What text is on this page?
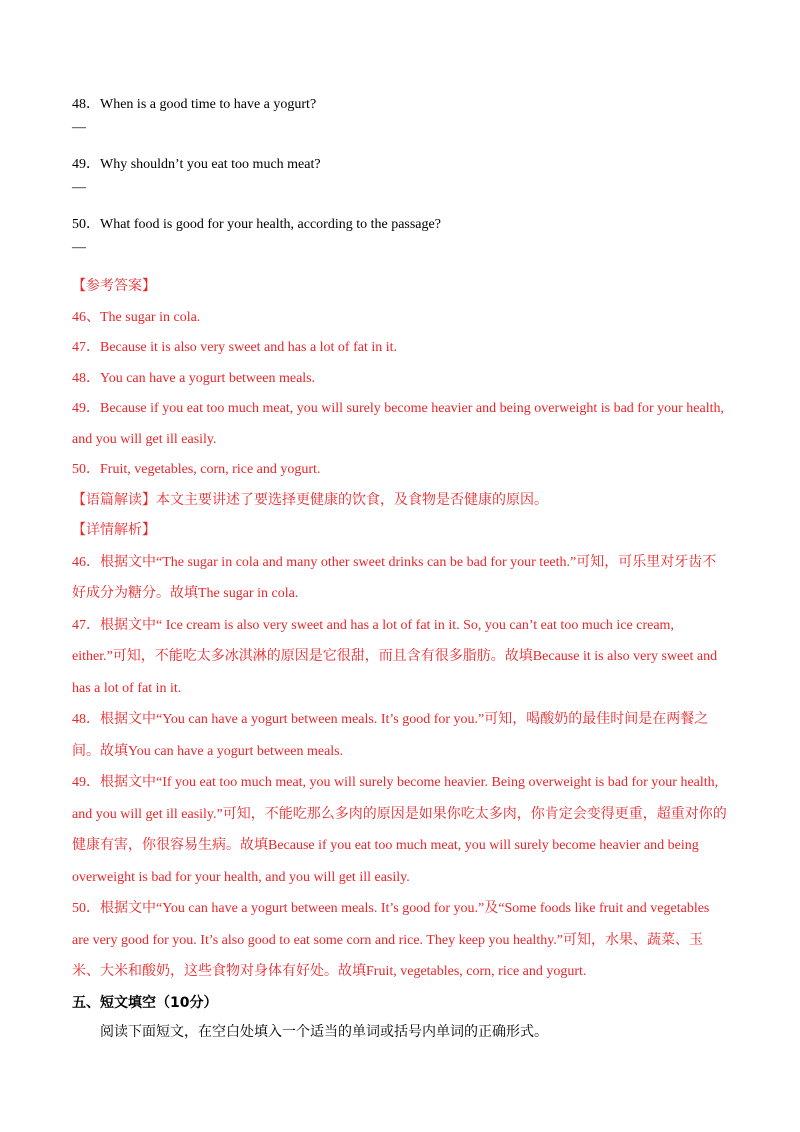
48．When is a good time to have a yogurt?

—

49．Why shouldn’t you eat too much meat?

—

50．What food is good for your health, according to the passage?

—

【参考答案】

46、The sugar in cola.

47．Because it is also very sweet and has a lot of fat in it.

48．You can have a yogurt between meals.

49．Because if you eat too much meat, you will surely become heavier and being overweight is bad for your health, and you will get ill easily.

50．Fruit, vegetables, corn, rice and yogurt.

【语篇解读】本文主要讲述了要选择更健康的饮食，及食物是否健康的原因。

【详情解析】

46．根据文中“The sugar in cola and many other sweet drinks can be bad for your teeth.”可知，可乐里对牙齿不好成分为糖分。故填The sugar in cola.

47．根据文中“ Ice cream is also very sweet and has a lot of fat in it. So, you can’t eat too much ice cream, either.”可知，不能吃太多冰淇淋的原因是它很甜，而且含有很多脂肪。故填Because it is also very sweet and has a lot of fat in it.

48．根据文中“You can have a yogurt between meals. It’s good for you.”可知，喝酸奶的最佳时间是在两餐之间。故填You can have a yogurt between meals.

49．根据文中“If you eat too much meat, you will surely become heavier. Being overweight is bad for your health, and you will get ill easily.”可知，不能吃那么多肉的原因是如果你吃太多肉，你肯定会变得更重，超重对你的健康有害，你很容易生病。故填Because if you eat too much meat, you will surely become heavier and being overweight is bad for your health, and you will get ill easily.

50．根据文中“You can have a yogurt between meals. It’s good for you.”及“Some foods like fruit and vegetables are very good for you. It’s also good to eat some corn and rice. They keep you healthy.”可知，水果、蔬菜、玉米、大米和酸奶，这些食物对身体有好处。故填Fruit, vegetables, corn, rice and yogurt.

五、短文填空（10分）

阅读下面短文，在空白处填入一个适当的单词或括号内单词的正确形式。
